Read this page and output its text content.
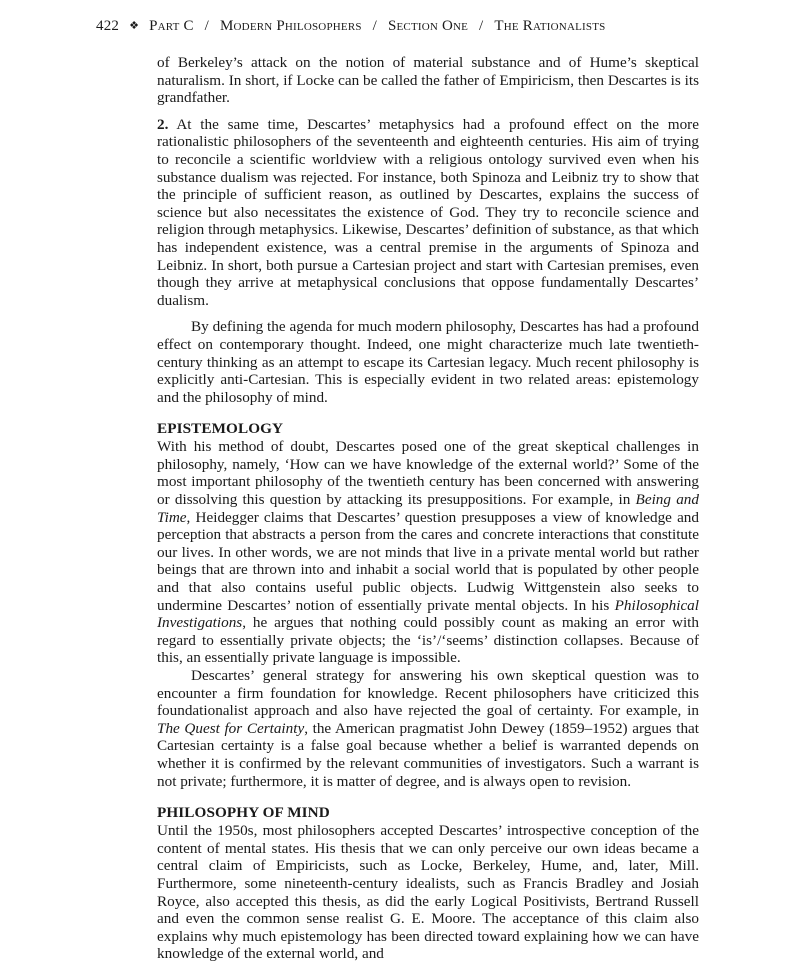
422 ❖ Part C / Modern Philosophers / Section One / The Rationalists

of Berkeley’s attack on the notion of material substance and of Hume’s skeptical naturalism. In short, if Locke can be called the father of Empiricism, then Descartes is its grandfather.

2. At the same time, Descartes’ metaphysics had a profound effect on the more rationalistic philosophers of the seventeenth and eighteenth centuries. His aim of trying to reconcile a scientific worldview with a religious ontology survived even when his substance dualism was rejected. For instance, both Spinoza and Leibniz try to show that the principle of sufficient reason, as outlined by Descartes, explains the success of science but also necessitates the existence of God. They try to reconcile science and religion through metaphysics. Likewise, Descartes’ definition of substance, as that which has independent existence, was a central premise in the arguments of Spinoza and Leibniz. In short, both pursue a Cartesian project and start with Cartesian premises, even though they arrive at metaphysical conclusions that oppose fundamentally Descartes’ dualism.

By defining the agenda for much modern philosophy, Descartes has had a profound effect on contemporary thought. Indeed, one might characterize much late twentieth-century thinking as an attempt to escape its Cartesian legacy. Much recent philosophy is explicitly anti-Cartesian. This is especially evident in two related areas: epistemology and the philosophy of mind.

EPISTEMOLOGY

With his method of doubt, Descartes posed one of the great skeptical challenges in philosophy, namely, ‘How can we have knowledge of the external world?’ Some of the most important philosophy of the twentieth century has been concerned with answering or dissolving this question by attacking its presuppositions. For example, in Being and Time, Heidegger claims that Descartes’ question presupposes a view of knowledge and perception that abstracts a person from the cares and concrete interactions that constitute our lives. In other words, we are not minds that live in a private mental world but rather beings that are thrown into and inhabit a social world that is populated by other people and that also contains useful public objects. Ludwig Wittgenstein also seeks to undermine Descartes’ notion of essentially private mental objects. In his Philosophical Investigations, he argues that nothing could possibly count as making an error with regard to essentially private objects; the ‘is’/‘seems’ distinction collapses. Because of this, an essentially private language is impossible.

Descartes’ general strategy for answering his own skeptical question was to encounter a firm foundation for knowledge. Recent philosophers have criticized this foundationalist approach and also have rejected the goal of certainty. For example, in The Quest for Certainty, the American pragmatist John Dewey (1859–1952) argues that Cartesian certainty is a false goal because whether a belief is warranted depends on whether it is confirmed by the relevant communities of investigators. Such a warrant is not private; furthermore, it is matter of degree, and is always open to revision.

PHILOSOPHY OF MIND

Until the 1950s, most philosophers accepted Descartes’ introspective conception of the content of mental states. His thesis that we can only perceive our own ideas became a central claim of Empiricists, such as Locke, Berkeley, Hume, and, later, Mill. Furthermore, some nineteenth-century idealists, such as Francis Bradley and Josiah Royce, also accepted this thesis, as did the early Logical Positivists, Bertrand Russell and even the common sense realist G. E. Moore. The acceptance of this claim also explains why much epistemology has been directed toward explaining how we can have knowledge of the external world, and
